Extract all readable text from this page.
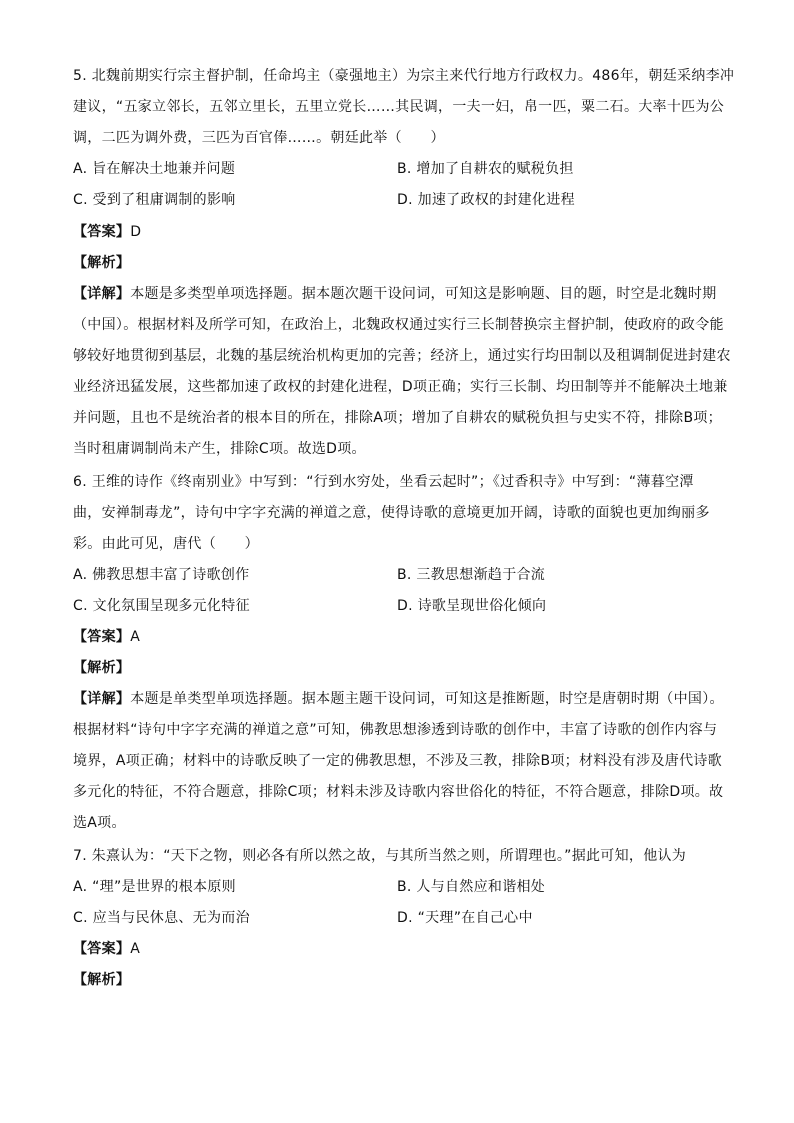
5. 北魏前期实行宗主督护制，任命坞主（豪强地主）为宗主来代行地方行政权力。486年，朝廷采纳李冲
建议，“五家立邻长，五邻立里长，五里立党长……其民调，一夫一妇，帛一匹，粟二石。大率十匹为公
调，二匹为调外费，三匹为百官俸……。朝廷此举（　　）
A. 旨在解决土地兼并问题	B. 增加了自耕农的赋税负担
C. 受到了租庸调制的影响	D. 加速了政权的封建化进程
【答案】D
【解析】
【详解】本题是多类型单项选择题。据本题次题干设问词，可知这是影响题、目的题，时空是北魏时期
（中国）。根据材料及所学可知，在政治上，北魏政权通过实行三长制替换宗主督护制，使政府的政令能
够较好地贯彻到基层，北魏的基层统治机构更加的完善；经济上，通过实行均田制以及租调制促进封建农
业经济迅猛发展，这些都加速了政权的封建化进程，D项正确；实行三长制、均田制等并不能解决土地兼
并问题，且也不是统治者的根本目的所在，排除A项；增加了自耕农的赋税负担与史实不符，排除B项；
当时租庸调制尚未产生，排除C项。故选D项。
6. 王维的诗作《终南别业》中写到：“行到水穷处，坐看云起时”；《过香积寺》中写到：“薄暮空潭
曲，安禅制毒龙”，诗句中字字充满的禅道之意，使得诗歌的意境更加开阔，诗歌的面貌也更加绚丽多
彩。由此可见，唐代（　　）
A. 佛教思想丰富了诗歌创作	B. 三教思想渐趋于合流
C. 文化氛围呈现多元化特征	D. 诗歌呈现世俗化倾向
【答案】A
【解析】
【详解】本题是单类型单项选择题。据本题主题干设问词，可知这是推断题，时空是唐朝时期（中国）。
根据材料“诗句中字字充满的禅道之意”可知，佛教思想渗透到诗歌的创作中，丰富了诗歌的创作内容与
境界，A项正确；材料中的诗歌反映了一定的佛教思想，不涉及三教，排除B项；材料没有涉及唐代诗歌
多元化的特征，不符合题意，排除C项；材料未涉及诗歌内容世俗化的特征，不符合题意，排除D项。故
选A项。
7. 朱熹认为：“天下之物，则必各有所以然之故，与其所当然之则，所谓理也。”据此可知，他认为
A. “理”是世界的根本原则	B. 人与自然应和谐相处
C. 应当与民休息、无为而治	D. “天理”在自己心中
【答案】A
【解析】
